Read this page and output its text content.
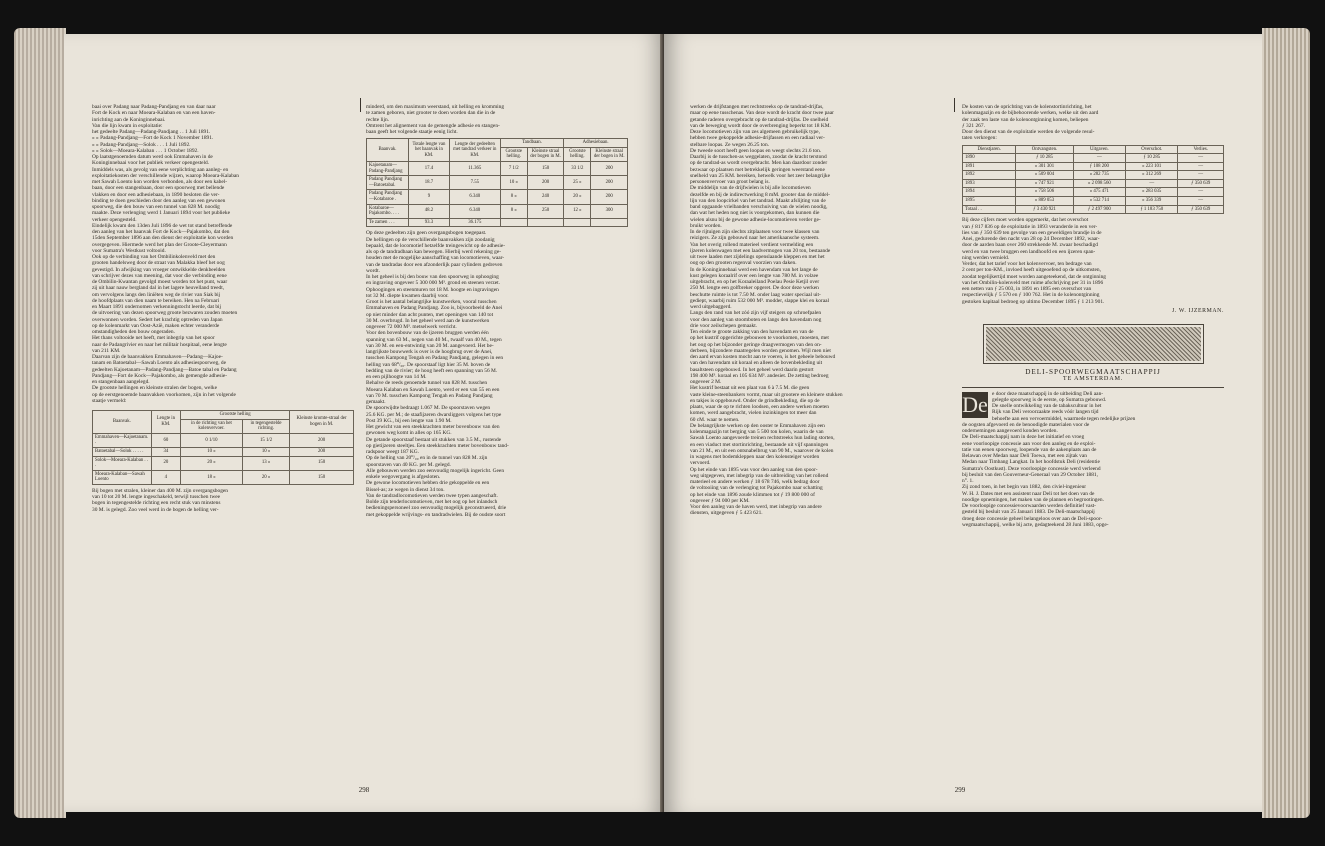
baai over Padang naar Padang-Pandjang en van daar naar
Fort de Kock en naar Moeara-Kalaban en van een haven-
inrichting aan de Koninginnebaai.
Van die lijn kwam in exploitatie:
het gedeelte Padang—Padang-Pandjang . . 1 Juli 1891.
» » Padang-Pandjang—Fort de Kock 1 November 1891.
» » Padang-Pandjang—Solok . . . 1 Juli 1892.
» » Solok—Moeara-Kalaban . . . 1 October 1892.
Op laatstgenoemden datum werd ook Emmahaven in de
Koninginnebaai voor het publiek verkeer opengesteld.
Inmiddels was, als gevolg van eene verplichting aan aanleg- en
exploitatiekosten der verschillende wijzen, waarop Moeara-Kalaban
met Sawah Loento kon worden verbonden, als door een kabel-
baan, door een stangenbaan, door een spoorweg met bellende
vlakken en door een adhesiebaan, in 1890 besloten die ver-
binding te doen geschieden door den aanleg van een gewonen
spoorweg, die den bouw van een tunnel van 828 M. noodig
maakte. Deze verlenging werd 1 Januari 1894 voor het publieke
verkeer opengesteld.
Eindelijk kwam den 13den Juli 1896 de wet tot stand betreffende
den aanleg van het baanvak Fort de Kock—Pajakombo, dat den
15den September 1896 aan den dienst der exploitatie kon worden
overgegeven. Hiermede werd het plan der Groote-Cleyermann
voor Sumatra's Westkust voltooid.
Ook op de verbinding van het Ombilinkolenveld met den
grooten handelsweg door de straat van Malakka bleef het oog
gevestigd. In afwijking van vroeger ontwikkelde denkbeelden
van schrijver dezes van meening, dat voor die verbinding eene
de Ombilin-Kwantan gevolgd moest worden tot het punt, waar
zij uit haar nauw bergland dal in het lagere heuvelland treedt,
om vervolgens langs den liniëten weg de rivier van Siak bij
de hoofdplaats van dien naam te bereiken. Hen na Februari
en Maart 1891 ondernomen verkenningstocht leerde, dat bij
de uitvoering van dezen spoorweg groote bezwaren zouden moeten
overwonnen worden. Sedert het krachtig optreden van Japan
op de kolenmarkt van Oost-Azië, maken echter veranderde
omstandigheden den bouw ongeraden.
Het thans voltooide net heeft, met inbegrip van het spoor
naar de Padangrivier en naar het militair hospitaal, eene lengte
van 211 KM.
Daarvan zijn de baanvakken Emmahaven—Padang—Kajoe-
tanam en Batoetabal—Sawah Loento als adhesiespoorweg, de
gedeelten Kajoetanam—Padang-Pandjang—Batoe tabal en Padang
Pandjang—Fort de Kock—Pajakombo, als gemengde adhesie-
en stangenbaan aangelegd.
De grootste hellingen en kleinste stralen der bogen, welke
op de eerstgenoemde baanvakken voorkomen, zijn in het volgende
staatje vermeld:
Baanvak.	Lengte in KM.	Grootste helling		Kleinste kromte-straal der bogen in M.
		in de richting van het kolenvervoer.	in tegengestelde richting.	
Emmahaven—Kajoetanam. .	60	0 1/10	15 1/2	200
Batoetabal—Solok . . . . .	34	10 »	10 »	200
Solok—Moeara-Kalaban . . .	20	20 »	13 »	150
Moeara-Kalaban—Sawah Loento	4	18 »	20 »	150
Bij bogen met stralen, kleiner dan 400 M. zijn overgangsbogen
van 10 tot 20 M. lengte ingeschakeld, terwijl tusschen twee
bogen in tegengestelde richting een recht stuk van minstens
30 M. is gelegd. Zoo veel werd in de bogen de helling ver-
minderd, om den maximum weerstand, uit helling en kromming
te zamen geboren, niet grooter te doen worden dan die in de
rechte lijn.
Omtrent het alignement van de gemengde adhesie en stangen-
baan geeft het volgende staatje eenig licht.
Baanvak.	Totale lengte van het baanvak in KM.	Lengte der gedeelten met tandrad verkeer in KM.	Tandbaan.		Adhesiebaan.	
			Grootste helling.	Kleinste straal der bogen in M.	Grootste helling.	Kleinste straal der bogen in M.
Kajoetanam—Padang-Pandjang	17.4	11.365	7 1/2	150	33 1/2	200
Padang Pandjang—Batoetabal.	18.7	7.55	10 »	200	25 »	200
Padang Pandjang—Kotabaroe .	9	6.340	8 »	240	20 »	200
Kotabaroe—Pajakombo. . . .	48.2	6.340	8 »	250	12 »	300
Te zamen . . .	93.3	36.175				
Op deze gedeelten zijn geen overgangsbogen toegepast.
De hellingen op de verschillende baanvakken zijn zoodanig
bepaald, dat de locomotief hetzelfde treingewicht op de adhesie-
als op de tandradbaan kan bewegen. Hierbij werd rekening ge-
houden met de mogelijke aanschaffing van locomotieven, waar-
van de tandradas door een afzonderlijk paar cylinders gedreven
wordt.
In het geheel is bij den bouw van den spoorweg in ophooging
en ingraving ongeveer 5 300 000 M³. grond en steenen verzet.
Ophoogingen en steenmuren tot 18 M. hoogte en ingravingen
tot 32 M. diepte kwamen daarbij voor.
Groot is het aantal belangrijke kunstwerken, vooral tusschen
Emmahaven en Padang Pandjang. Zoo is, bijvoorbeeld de Anei
op niet minder dan acht punten, met openingen van 140 tot
30 M. overbrugd. In het geheel werd aan de kunstwerken
ongeveer 72 000 M³. metselwerk verricht.
Voor den bovenbouw van de ijzeren bruggen werden één
spanning van 63 M., negen van 40 M., twaalf van 40 M., tegen
van 30 M. en een-entwintig van 20 M. aangevoerd. Het be-
langrijkste bouwwerk is over is de hoogbrug over de Anei,
tusschen Kampong Tengah en Padang Pandjang, gelegen in een
helling van 68⁰/₀₀. De spoorstaaf ligt hier 35 M. boven de
bedding van de rivier; de hoog heeft een spanning van 56 M.
en een pijlhoogte van 14 M.
Behalve de reeds genoemde tunnel van 828 M. tusschen
Moeara Kalaban en Sawah Loento, werd er een van 55 en een
van 70 M. tusschen Kampong Tengah en Padang Pandjang
gemaakt.
De spoorwijdte bedraagt 1.067 M. De spoorstaven wegen
25.6 KG. per M.; de staafijzeren dwarsliggers volgens het type
Post 39 KG., bij een lengte van 1.90 M.
Het gewicht van een steekkrachten meter bovenbouw van den
gewonen weg komt in alles op 165 KG.
De getande spoorstaaf bestaat uit stukken van 3.5 M., rustende
op gietijzeren steeltjes. Een steekkrachten meter bovenbouw tand-
radspoor weegt 187 KG.
Op de helling van 20⁰/₀₀ en in de tunnel van 828 M. zijn
spoorstaven van 40 KG. per M. gelegd.
Alle gebouwen werden zoo eenvoudig mogelijk ingericht. Geen
enkele wegovergang is afgesloten.
De gewone locomotieven hebben drie gekoppelde en een
Bissel-as; ze wegen in dienst 34 ton.
Van de tandradlocomotieven werden twee typen aangeschaft.
Bolde zijn tenderlocomotieven, met het oog op het inlandsch
bedieningspersoneel zoo eenvoudig mogelijk geconstrueerd, drie
met gekoppelde wrijvings- en tandradwielen. Bij de oudste soort
298
werken de drijfstangen met rechtstreeks op de tandrad-drijfas,
maar op eene tusschenas. Van deze wordt de kracht door twee paar
getande raderen overgebracht op de tandrad-drijfas. De snelheid
van de beweging wordt door de overbrenging beperkt tot 18 KM.
Deze locomotieven zijn van zes algemeen gebruikelijk type,
hebben twee gekoppelde adhesie-drijfassen en een radiaal ver-
stelbare loopas. Ze wegen 26.25 ton.
De tweede soort heeft geen loopas en weegt slechts 21.6 ton.
Daarbij is de tusschen-as weggelaten, zoodat de kracht terstond
op de tandrad-as wordt overgebracht. Men kan daardoor zonder
bezwaar op plaatsen met betrekkelijk geringen weerstand eene
snelheid van 25 KM. bereiken, hetwelk voor het zeer belangrijke
personenvervoer van groot belang is.
De middelijn van de drijfwielen is bij alle locomotieven
dezelfde en bij de indirectwerking 8 mM. grooter dan de middel-
lijn van den loopcirkel van het tandrad. Maakt afslijting van de
band opgaande vrielbanden verschuiving van de wielen noodig,
dan wat het heden nog niet is voorgekomen, dan kunnen die
wielen alsnu bij de gewone adhesie-locomotieven verder ge-
bruikt worden.
In de rijtuigen zijn slechts zitplaatsen voor twee klassen van
reizigers. Ze zijn gebouwd naar het amerikaansche systeem.
Van het overig rollend materieel verdient vermelding een
ijzeren kolenwagen met een laadvermogen van 20 ton, bestaande
uit twee laaden met zijdelings openslaande kleppen en met het
oog op den grooten regenval voorzien van daken.
In de Koninginnebaai werd een havendam van het lange de
kust gelegen koraalrif over een lengte van 780 M. in volzee
uitgebracht, en op het Koraaleiland Poelau Pesie Ketjil over
250 M. lengte een golfbreker opgeret. De door deze werken
beschutte ruimte is tot 7.50 M. onder laag water speciaal uit-
gediept, waarbij ruim 532 000 M³. modder, slappe klei en koraal
werd uitgebaggerd.
Langs den rand van het zóó zijn vijf steigers op schroefpalen
voor den aanleg van stoomboten en langs den havendam nog
drie voor zeilschepen gemaakt.
Ten einde te groote zakking van den havendam en van de
op het kustrif opgerichte gebouwen te voorkomen, moesten, met
het oog op het bijzonder geringe draagvermogen van den on-
derbeen, bijzondere maatregelen worden genomen. Wijl men niet
den aard ervan kosten mocht aan te voeren, is het geheele bebouwd
van den havendam uit koraal en alleen de bovenbekleding uit
basaltsteen opgebouwd. In het geheel werd daarin gestort
198 400 M³. koraal en 105 634 M³. andesiet. De zetting bedroeg
ongeveer 2 M.
Het kustrif bestaat uit een plaat van 6 à 7.5 M. die geen
vaste kleine-steenbankers vormt, maar uit grootere en kleinere stukken
en takjes is opgebouwd. Onder de grindbekleding, die op de
plaats, waar de op te richten loodsen, een andere werken moeten
komen, werd aangebracht, vielen inzinkingen tot meer dan
60 cM. waar te nemen.
De belangrijkste werken op den ooster te Emmahaven zijn een
kolenmagazijn tot berging van 5 500 ton kolen, waarin de van
Sawah Loento aangevoerde treinen rechtstreeks hun lading storten,
en een viaduct met stortinrichting, bestaande uit vijf spanningen
van 21 M., en uit een ontsnabelbrug van 90 M., waarover de kolen
in wagens met bodemkleppen naar den kolensteiger worden
vervoerd.
Op het einde van 1895 was voor den aanleg van den spoor-
weg uitgegeven, met inbegrip van de uitbreiding van het rollend
materieel en andere werken ƒ 18 678 746, welk bedrag door
de voltooiing van de verlenging tot Pajakombo naar schatting
op het einde van 1896 zoude klimmen tot ƒ 19 800 000 of
ongeveer ƒ 94 000 per KM.
Voor den aanleg van de haven werd, met inbegrip van andere
diensten, uitgegeven ƒ 5 423 621.
De kosten van de oprichting van de kolenstortinrichting, het
kolenmagazijn en de bijbehoorende werken, welke uit den aard
der zaak ten laste van de kolenontginning komen, beliepen
ƒ 321 267.
Door den dienst van de exploitatie werden de volgende resul-
taten verkregen:
Dienstjaren.	Ontvangsten.	Uitgaven.	Overschot.	Verlies.
1890	ƒ 10 285	—	ƒ 10 285	—
1891	» 301 301	ƒ 108 200	» 223 101	—
1892	» 509 004	» 282 735	» 312 269	—
1893	» 747 921	» 2 098 560	—	ƒ 350 639
1894	» 758 506	» 475 471	» 283 035	—
1895	» 889 053	» 532 714	» 356 339	—
Totaal . .	ƒ 3 430 921	ƒ 2 497 900	ƒ 1 183 750	ƒ 350 639
Bij deze cijfers moet worden opgemerkt, dat het overschot
van ƒ 817 836 op de exploitatie in 1893 veranderde in een ver-
lies van ƒ 350 639 ten gevolge van een geweldigen brandje in de
Anei, gedurende den nacht van 28 op 24 December 1892, waar-
door de aarden baan over 260 strekkende M. zwaar beschadigd
werd en van twee bruggen een landhoofd en een ijzeren span-
ning werden vernield.
Verder, dat het tarief voor het kolenvervoer, ten bedrage van
2 cent per ton-KM., invloed heeft uitgeoefend op de uitkomsten,
zoodat tegelijkertijd moet worden aangeteekend, dat de ontginning
van het Ombilin-kolenveld met ruime afschrijving per 31 in 1896
een netten van ƒ 25 003, in 1891 en 1895 een overschot van
respectievelijk ƒ 5 570 en ƒ 100 762. Het in de kolenontginning
gestoken kapitaal bedroeg op ultimo December 1895 ƒ 1 213 901.
J. W. IJZERMAN.
DELI-SPOORWEGMAATSCHAPPIJ
TE AMSTERDAM.
De e door deze maatschappij in de uitbeiding Deli aan-
gelegde spoorweg is de eerste, op Sumatra gebouwd.
De snelle ontwikkeling van de tabakscultuur in het
Rijk van Deli veroorzaakte reeds vóór langen tijd
behoefte aan een vervoermiddel, waarmede tegen redelijke prijzen
de oogsten afgevoerd en de benoodigde materialen voor de
ondernemingen aangevoerd konden worden.
De Deli-maatschappij nam in deze het initiatief en vroeg
eene voorloopige concessie aan voor den aanleg en de exploi-
tatie van eenen spoorweg, loopende van de aakenplaats aan de
Belawan over Medan naar Deli Toewa, met een zijtak van
Medan naar Timbang Langkat. In het hoofdstuk Deli (residentie
Sumatra's Oostkust). Deze voorloopige concessie werd verleend
bij besluit van den Gouverneur-Generaal van 29 October 1881,
n°. 1.
Zij zond toen, in het begin van 1882, den civiel-ingenieur
W. H. J. Dates met een assistent naar Deli tot het doen van de
noodige opnemingen, het maken van de plannen en begrootingen.
De voorloopige concessievoorwaarden werden definitief vast-
gesteld bij besluit van 25 Januari 1883. De Deli-maatschappij
droeg deze concessie geheel belangeloos over aan de Deli-spoor-
wegmaatschappij, welke bij acte, gedagteekend 28 Juni 1883, opge-
299
